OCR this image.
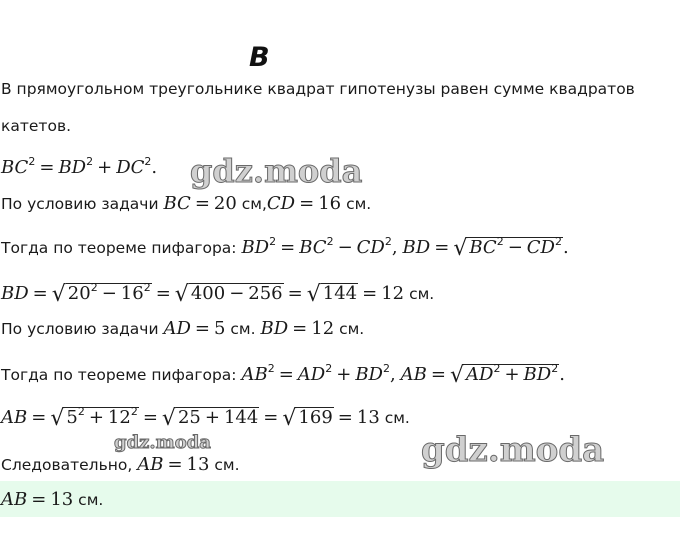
B
В прямоугольном треугольнике квадрат гипотенузы равен сумме квадратов
катетов.
$BC^2 = BD^2 + DC^2$.
По условию задачи BC = 20 см,CD = 16 см.
Тогда по теореме пифагора: $BD^2 = BC^2 - CD^2$, BD = √ $BC^2 - CD^2$.
BD = √ $20^2 - 16^2$ = √ 400 − 256 = √ 144 = 12 см.
По условию задачи AD = 5 см. BD = 12 см.
Тогда по теореме пифагора: $AB^2 = AD^2 + BD^2$, AB = √ $AD^2 + BD^2$.
AB = √ $5^2 + 12^2$ = √ 25 + 144 = √ 169 = 13 см.
Следовательно, AB = 13 см.
AB = 13 см.
gdz.moda
gdz.moda	gdz.moda
